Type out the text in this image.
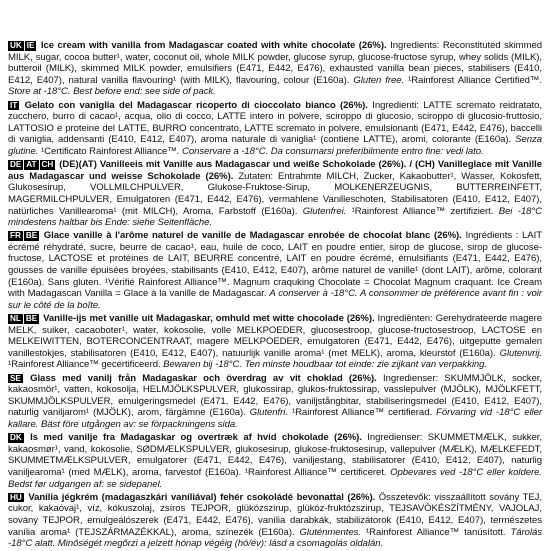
UK IE Ice cream with vanilla from Madagascar coated with white chocolate (26%). Ingredients: Reconstituted skimmed MILK, sugar, cocoa butter¹, water, coconut oil, whole MILK powder, glucose syrup, glucose-fructose syrup, whey solids (MILK), butteroil (MILK), skimmed MILK powder, emulsifiers (E471, E442, E476), exhausted vanilla bean pieces, stabilisers (E410, E412, E407), natural vanilla flavouring¹ (with MILK), flavouring, colour (E160a). Gluten free. ¹Rainforest Alliance Certified™. Store at -18°C. Best before end: see side of pack.

IT Gelato con vaniglia del Madagascar ricoperto di cioccolato bianco (26%). Ingredienti: LATTE scremato reidratato, zucchero, burro di cacao¹, acqua, olio di cocco, LATTE intero in polvere, sciroppo di glucosio, sciroppo di glucosio-fruttosio, LATTOSIO e proteine del LATTE, BURRO concentrato, LATTE scremato in polvere, emulsionanti (E471, E442, E476), baccelli di vaniglia, addensanti (E410, E412, E407), aroma naturale di vaniglia¹ (contiene LATTE), aromi, colorante (E160a). Senza glutine. ¹Certificato Rainforest Alliance™. Conservare a -18°C. Da consumarsi preferibilmente entro fine: vedi lato.

DE AT CH (DE)(AT) Vanilleeis mit Vanille aus Madagascar und weiße Schokolade (26%). / (CH) Vanilleglace mit Vanille aus Madagascar und weisse Schokolade (26%). Zutaten: Entrahmte MILCH, Zucker, Kakaobutter¹, Wasser, Kokosfett, Glukosesirup, VOLLMILCHPULVER, Glukose-Fruktose-Sirup, MOLKENERZEUGNIS, BUTTERREINFETT, MAGERMILCHPULVER, Emulgatoren (E471, E442, E476), vermahlene Vanilleschoten, Stabilisatoren (E410, E412, E407), natürliches Vanillearoma¹ (mit MILCH), Aroma, Farbstoff (E160a). Glutenfrei. ¹Rainforest Alliance™ zertifiziert. Bei -18°C mindestens haltbar bis Ende: siehe Seitenfläche.

FR BE Glace vanille à l'arôme naturel de vanille de Madagascar enrobée de chocolat blanc (26%). Ingrédients : LAIT écrémé réhydraté, sucre, beurre de cacao¹, eau, huile de coco, LAIT en poudre entier, sirop de glucose, sirop de glucose-fructose, LACTOSE et protéines de LAIT, BEURRE concentré, LAIT en poudre écrémé, émulsifiants (E471, E442, E476), gousses de vanille épuisées broyées, stabilisants (E410, E412, E407), arôme naturel de vanille¹ (dont LAIT), arôme, colorant (E160a). Sans gluten. ¹Vérifié Rainforest Alliance™. Magnum craquking Chocolate = Chocolat Magnum craquant. Ice Cream with Madagascan Vanilla = Glace à la vanille de Madagascar. A conserver à -18°C. A consommer de préférence avant fin : voir sur le côté de la boîte.

NL BE Vanille-ijs met vanille uit Madagaskar, omhuld met witte chocolade (26%). Ingrediënten: Gerehydrateerde magere MELK, suiker, cacaoboter¹, water, kokosolie, volle MELKPOEDER, glucosestroop, glucose-fructosestroop, LACTOSE en MELKEIWITTEN, BOTERCONCENTRAAT, magere MELKPOEDER, emulgatoren (E471, E442, E476), uitgeputte gemalen vanillestokjes, stabilisatoren (E410, E412, E407), natuurlijk vanille aroma¹ (met MELK), aroma, kleurstof (E160a). Glutenvrij. ¹Rainforest Alliance™ gecertificeerd. Bewaren bij -18°C. Ten minste houdbaar tot einde: zie zijkant van verpakking.

SE Glass med vanilj från Madagaskar och överdrag av vit choklad (26%). Ingredienser: SKUMMJÖLK, socker, kakaosmör¹, vatten, kokosolja, HELMJÖLKSPULVER, glukossirap, glukos-fruktossirap, vasslepulver (MJÖLK), MJÖLKFETT, SKUMMJÖLKSPULVER, emulgeringsmedel (E471, E442, E476), vaniljstångbitar, stabiliseringsmedel (E410, E412, E407), naturlig vaniljarom¹ (MJÖLK), arom, färgämne (E160a). Glutenfri. ¹Rainforest Alliance™ certifierad. Förvaring vid -18°C eller kallare. Bäst före utgången av: se förpackningens sida.

DK Is med vanilje fra Madagaskar og overtræk af hvid chokolade (26%). Ingredienser: SKUMMETMÆLK, sukker, kakaosmør¹, vand, kokosolie, SØDMÆLKSPULVER, glukosesirup, glukose-fruktosesirup, vallepulver (MÆLK), MÆLKEFEDT, SKUMMETMÆLKSPULVER, emulgatorer (E471, E442, E476), vaniljestang, stabilisatorer (E410, E412, E407), naturlig vaniljearoma¹ (med MÆLK), aroma, farvestof (E160a). ¹Rainforest Alliance™ certificeret. Opbevares ved -18°C eller koldere. Bedst før udgangen af: se sidepanel.

HU Vanília jégkrém (madagaszkári vaníliával) fehér csokoládé bevonattal (26%). Összetevők: visszaállított sovány TEJ, cukor, kakaóvaj¹, víz, kókuszolaj, zsíros TEJPOR, glükózszirup, glükóz-fruktózszirup, TEJSAVÓKÉSZÍTMÉNY, VAJOLAJ, sovány TEJPOR, emulgeálószerek (E471, E442, E476), vanília darabkák, stabilizátorok (E410, E412, E407), természetes vanília aroma¹ (TEJSZÁRMAZÉKKAL), aroma, színezék (E160a). Gluténmentes. ¹Rainforest Alliance™ tanúsított. Tárolás -18°C alatt. Minőségét megőrzi a jelzett hónap végéig (hó/év): lásd a csomagolás oldalán.
